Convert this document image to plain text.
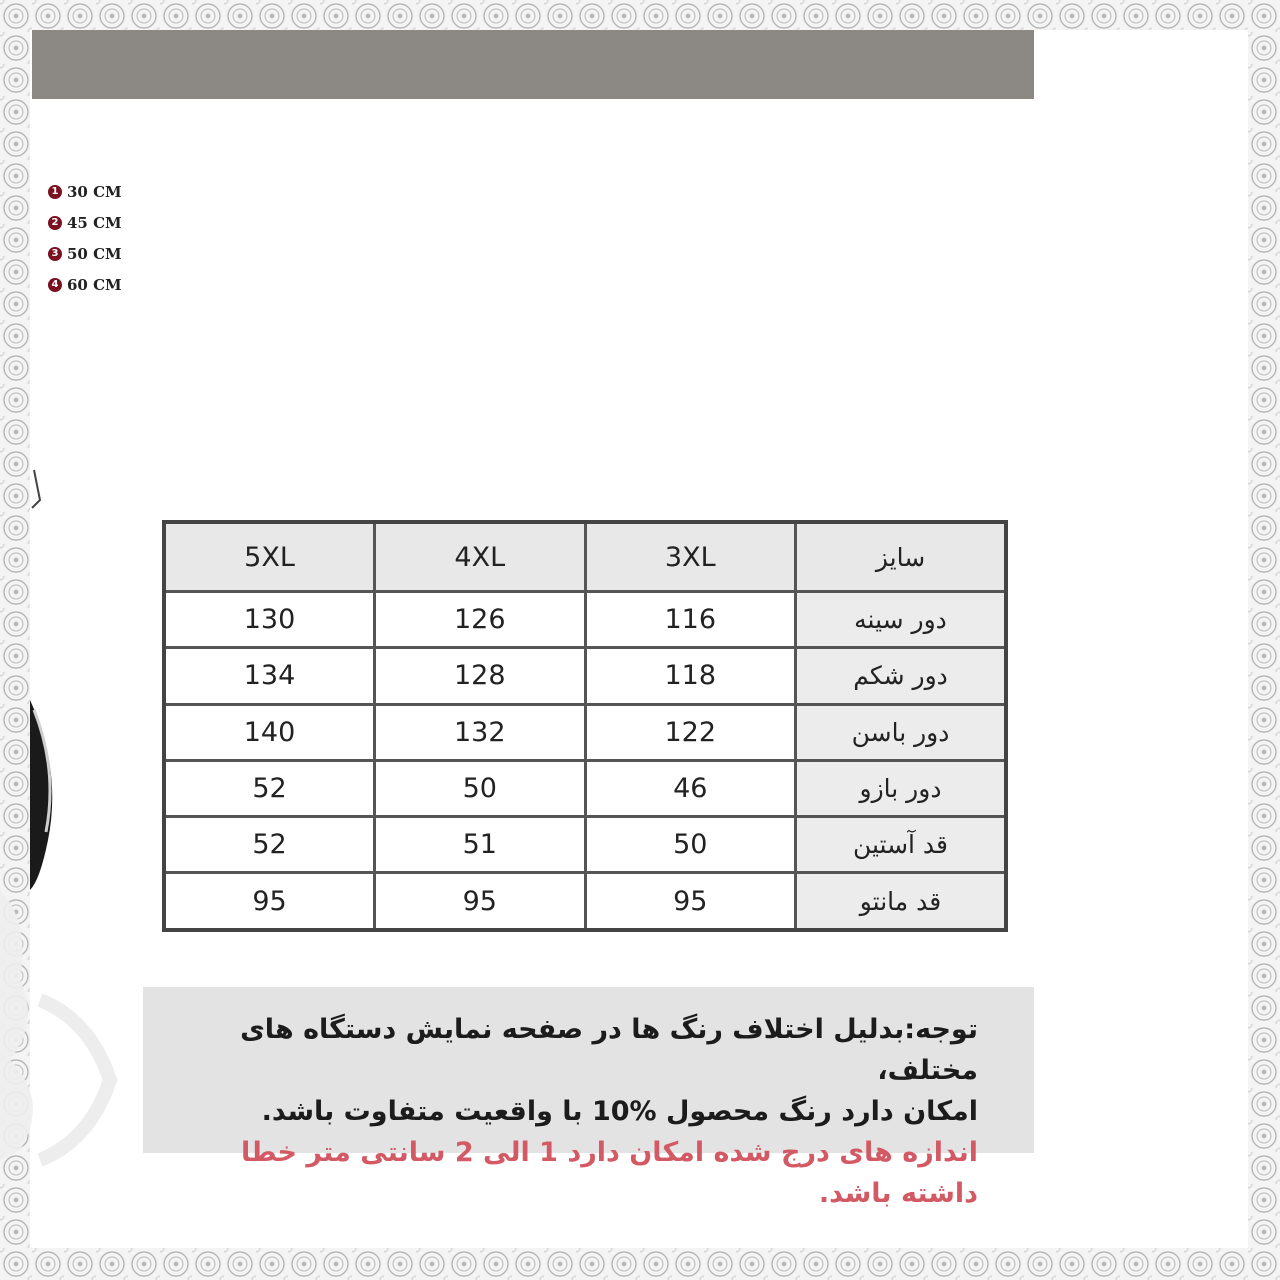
1 30 CM
2 45 CM
3 50 CM
4 60 CM
5XL	4XL	3XL	سایز
130	126	116	دور سینه
134	128	118	دور شکم
140	132	122	دور باسن
52	50	46	دور بازو
52	51	50	قد آستین
95	95	95	قد مانتو

توجه:بدلیل اختلاف رنگ ها در صفحه نمایش دستگاه های مختلف،

امکان دارد رنگ محصول %10 با واقعیت متفاوت باشد.

اندازه های درج شده امکان دارد 1 الی 2 سانتی متر خطا داشته باشد.
